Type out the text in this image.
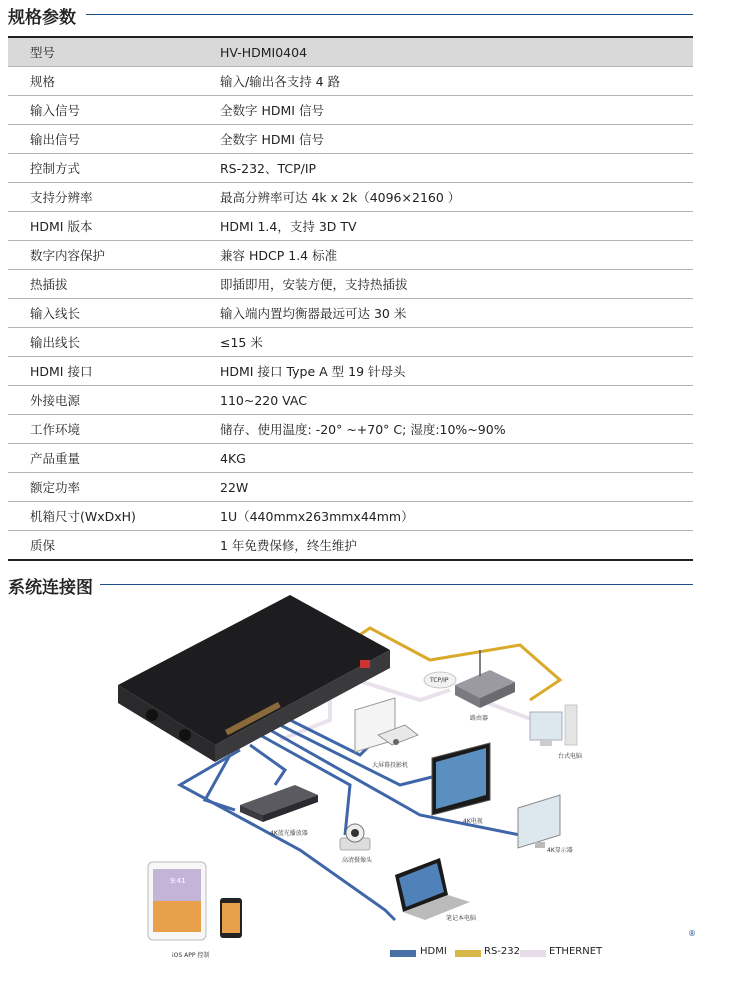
规格参数
型号	HV-HDMI0404
规格	输入/输出各支持 4 路
输入信号	全数字 HDMI 信号
输出信号	全数字 HDMI 信号
控制方式	RS-232、TCP/IP
支持分辨率	最高分辨率可达 4k x 2k（4096×2160 ）
HDMI 版本	HDMI 1.4，支持 3D TV
数字内容保护	兼容 HDCP 1.4 标准
热插拔	即插即用，安装方便，支持热插拔
输入线长	输入端内置均衡器最远可达 30 米
输出线长	≤15 米
HDMI 接口	HDMI 接口 Type A 型 19 针母头
外接电源	110~220 VAC
工作环境	储存、使用温度: -20° ~+70° C; 湿度:10%~90%
产品重量	4KG
额定功率	22W
机箱尺寸(WxDxH)	1U（440mmx263mmx44mm）
质保	1 年免费保修，终生维护
系统连接图
TCP/IP
路由器
台式电脑
大屏幕投影机
4K电视
4K显示器
4K蓝光播放器
高清摄像头
笔记本电脑
9:41
iOS APP 控制
®
HDMI	RS-232	ETHERNET
